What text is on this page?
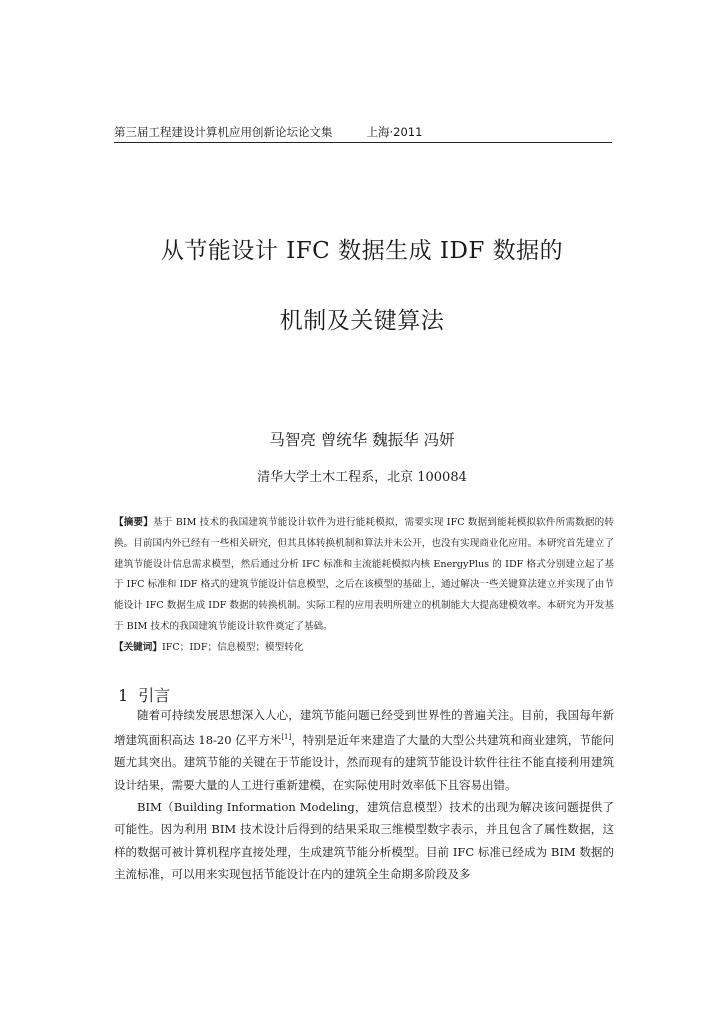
第三届工程建设计算机应用创新论坛论文集	上海·2011
从节能设计 IFC 数据生成 IDF 数据的
机制及关键算法
马智亮 曾统华 魏振华 冯妍
清华大学土木工程系，北京 100084

【摘要】基于 BIM 技术的我国建筑节能设计软件为进行能耗模拟，需要实现 IFC 数据到能耗模拟软件所需数据的转换。目前国内外已经有一些相关研究，但其具体转换机制和算法并未公开，也没有实现商业化应用。本研究首先建立了建筑节能设计信息需求模型，然后通过分析 IFC 标准和主流能耗模拟内核 EnergyPlus 的 IDF 格式分别建立起了基于 IFC 标准和 IDF 格式的建筑节能设计信息模型，之后在该模型的基础上，通过解决一些关键算法建立并实现了由节能设计 IFC 数据生成 IDF 数据的转换机制。实际工程的应用表明所建立的机制能大大提高建模效率。本研究为开发基于 BIM 技术的我国建筑节能设计软件奠定了基础。

【关键词】IFC；IDF；信息模型；模型转化

1 引言

随着可持续发展思想深入人心，建筑节能问题已经受到世界性的普遍关注。目前，我国每年新增建筑面积高达 18-20 亿平方米[1]，特别是近年来建造了大量的大型公共建筑和商业建筑，节能问题尤其突出。建筑节能的关键在于节能设计，然而现有的建筑节能设计软件往往不能直接利用建筑设计结果，需要大量的人工进行重新建模，在实际使用时效率低下且容易出错。

BIM（Building Information Modeling，建筑信息模型）技术的出现为解决该问题提供了可能性。因为利用 BIM 技术设计后得到的结果采取三维模型数字表示，并且包含了属性数据，这样的数据可被计算机程序直接处理，生成建筑节能分析模型。目前 IFC 标准已经成为 BIM 数据的主流标准，可以用来实现包括节能设计在内的建筑全生命期多阶段及多
